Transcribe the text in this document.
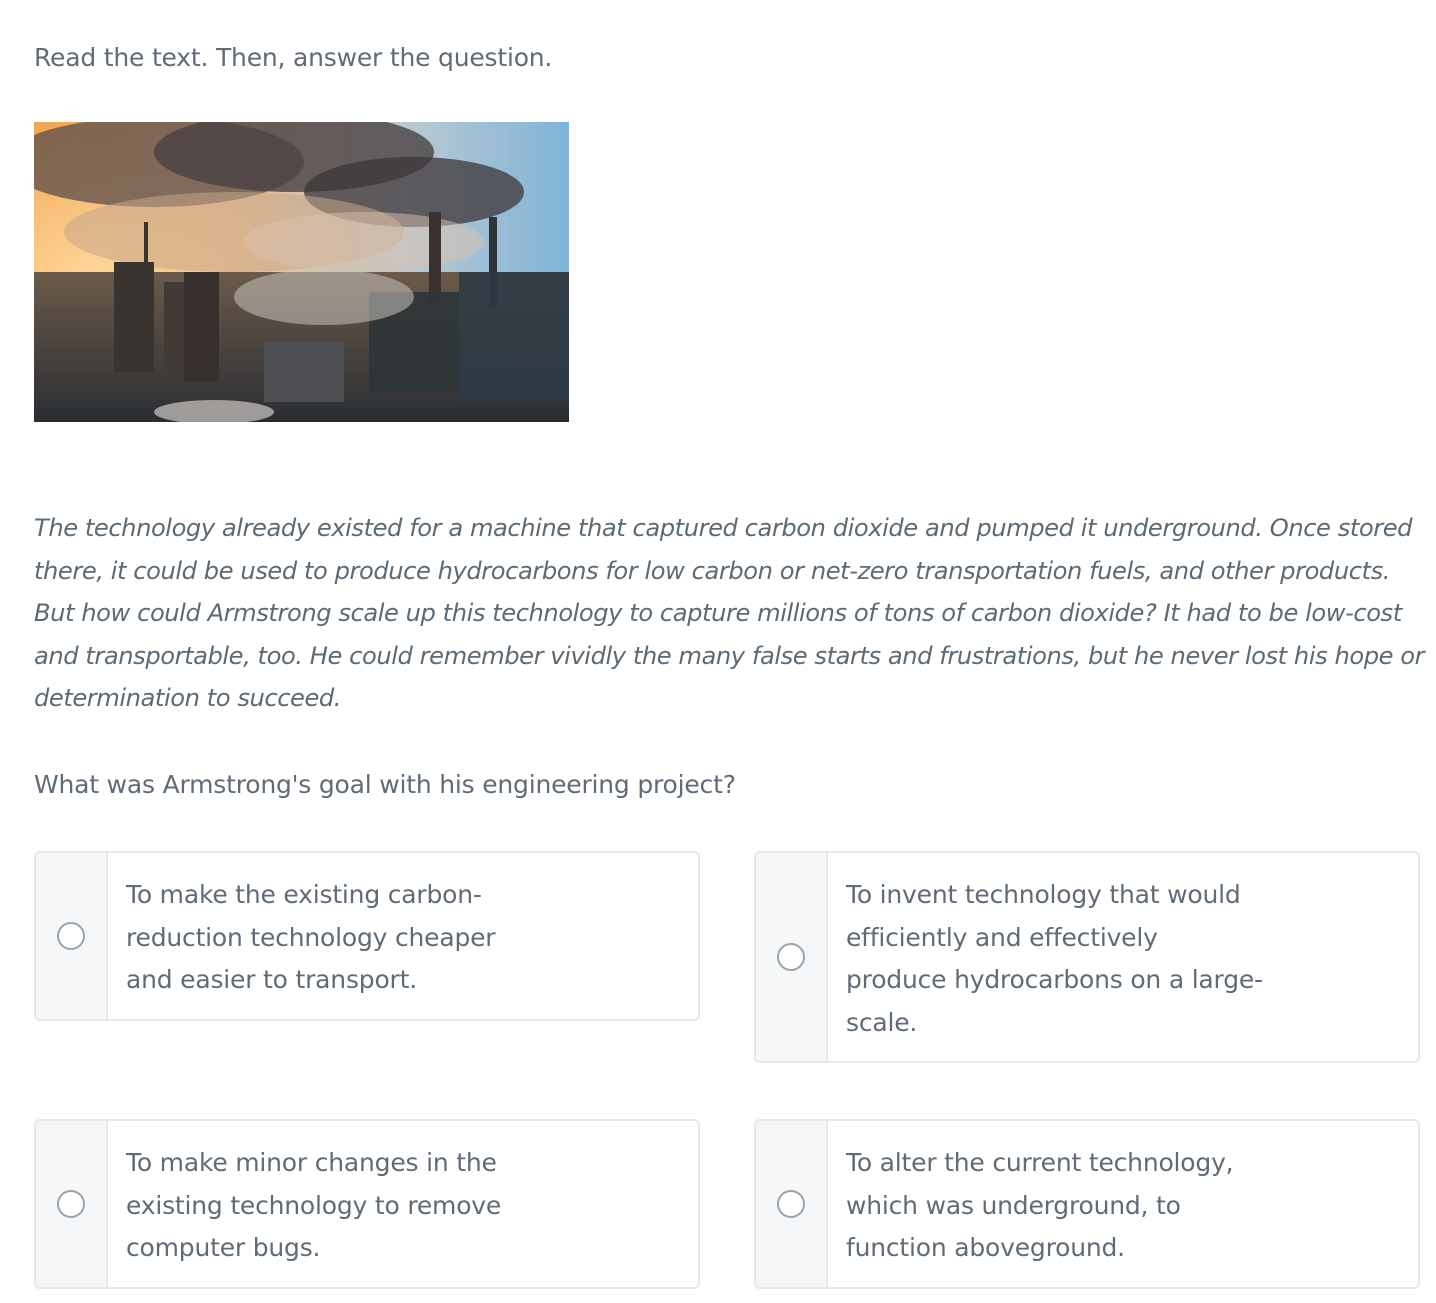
Read the text. Then, answer the question.
The technology already existed for a machine that captured carbon dioxide and pumped it underground. Once stored there, it could be used to produce hydrocarbons for low carbon or net-zero transportation fuels, and other products. But how could Armstrong scale up this technology to capture millions of tons of carbon dioxide? It had to be low-cost and transportable, too. He could remember vividly the many false starts and frustrations, but he never lost his hope or determination to succeed.
What was Armstrong's goal with his engineering project?
To make the existing carbon-
reduction technology cheaper
and easier to transport.
To invent technology that would
efficiently and effectively
produce hydrocarbons on a large-
scale.
To make minor changes in the
existing technology to remove
computer bugs.
To alter the current technology,
which was underground, to
function aboveground.
